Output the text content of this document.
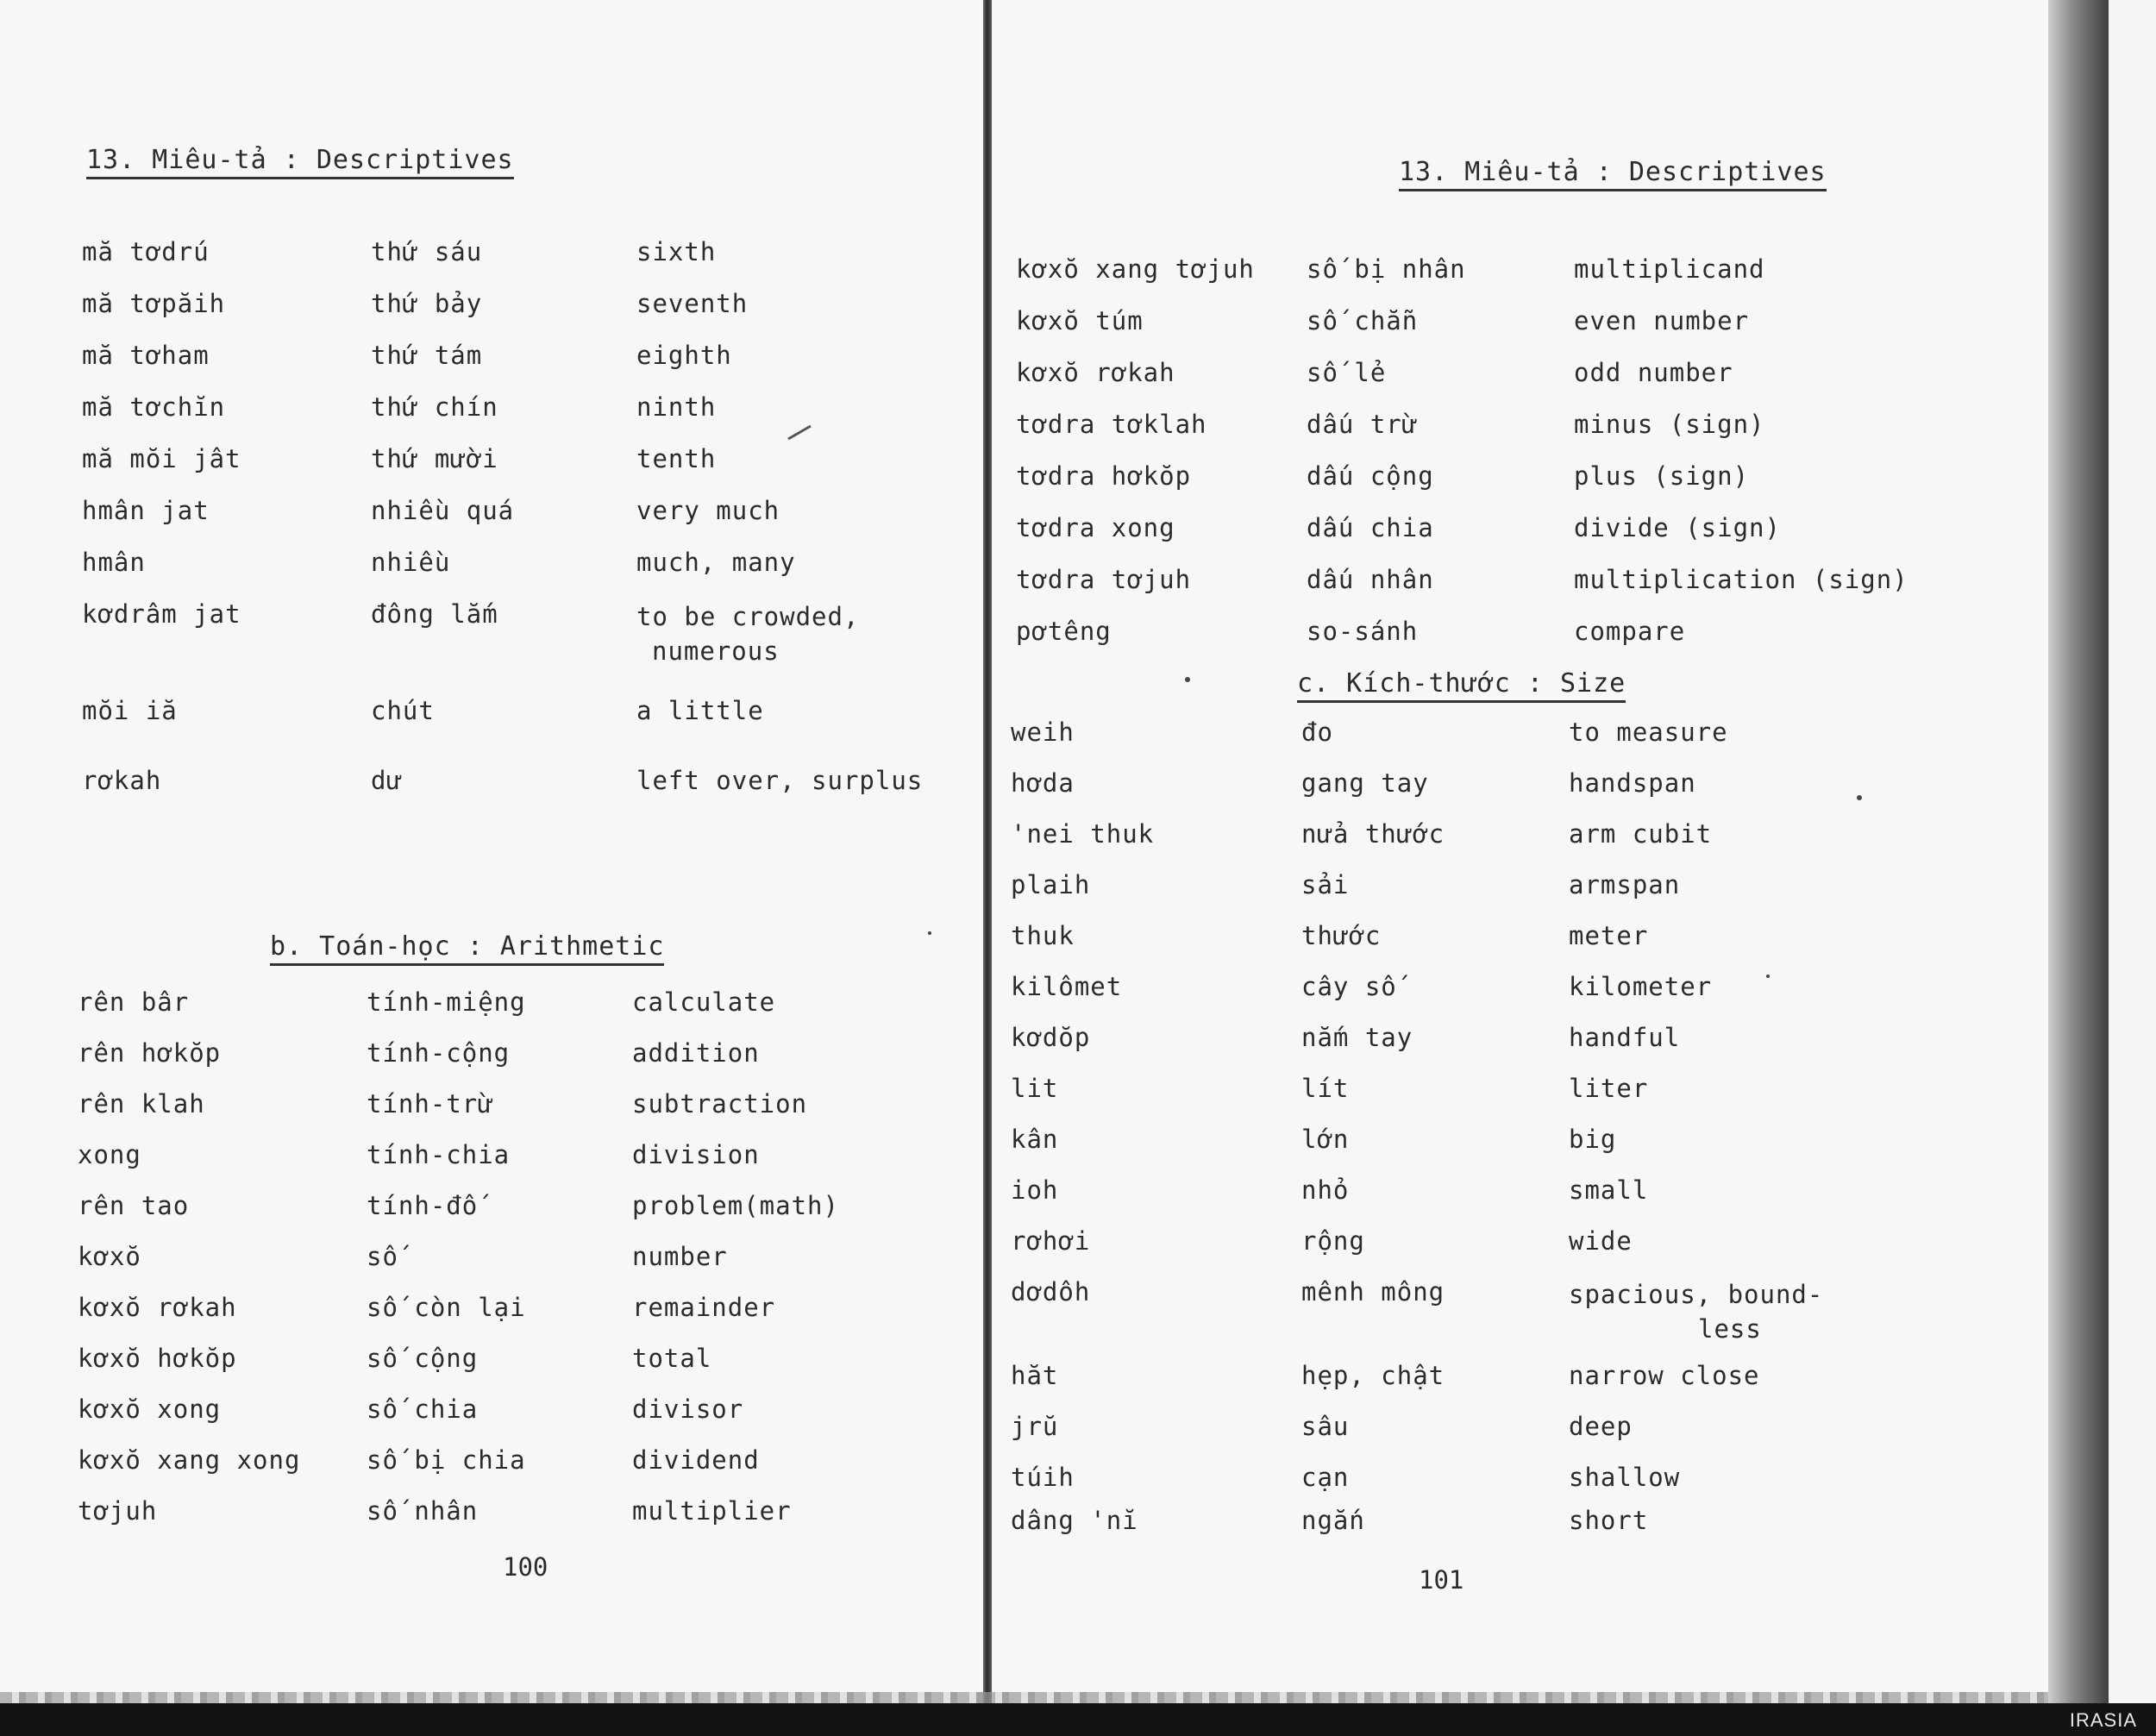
13. Miêu-tả : Descriptives
mă tơdrú	thứ sáu	sixth
mă tơpăih	thứ bảy	seventh
mă tơham	thứ tám	eighth
mă tơchĭn	thứ chín	ninth
mă mŏi jât	thứ mười	tenth
hmân jat	nhiều quá	very much
hmân	nhiều	much, many
kơdrâm jat	đông lắm	to be crowded,
numerous
mŏi iă	chút	a little
rơkah	dư	left over, surplus
b. Toán-học : Arithmetic
rên bâr	tính-miệng	calculate
rên hơkŏp	tính-cộng	addition
rên klah	tính-trừ	subtraction
xong	tính-chia	division
rên tao	tính-đố	problem(math)
kơxŏ	số	number
kơxŏ rơkah	số còn lại	remainder
kơxŏ hơkŏp	số cộng	total
kơxŏ xong	số chia	divisor
kơxŏ xang xong	số bị chia	dividend
tơjuh	số nhân	multiplier
100
13. Miêu-tả : Descriptives
kơxŏ xang tơjuh	số bị nhân	multiplicand
kơxŏ túm	số chẵn	even number
kơxŏ rơkah	số lẻ	odd number
tơdra tơklah	dấu trừ	minus (sign)
tơdra hơkŏp	dấu cộng	plus (sign)
tơdra xong	dấu chia	divide (sign)
tơdra tơjuh	dấu nhân	multiplication (sign)
pơtêng	so-sánh	compare
c. Kích-thước : Size
weih	đo	to measure
hơda	gang tay	handspan
'nei thuk	nửa thước	arm cubit
plaih	sải	armspan
thuk	thước	meter
kilômet	cây số	kilometer
kơdŏp	nắm tay	handful
lit	lít	liter
kân	lớn	big
ioh	nhỏ	small
rơhơi	rộng	wide
dơdôh	mênh mông	spacious, bound-
less
hăt	hẹp, chật	narrow close
jrŭ	sâu	deep
túih	cạn	shallow
dâng 'nĭ	ngắn	short
101
IRASIA
